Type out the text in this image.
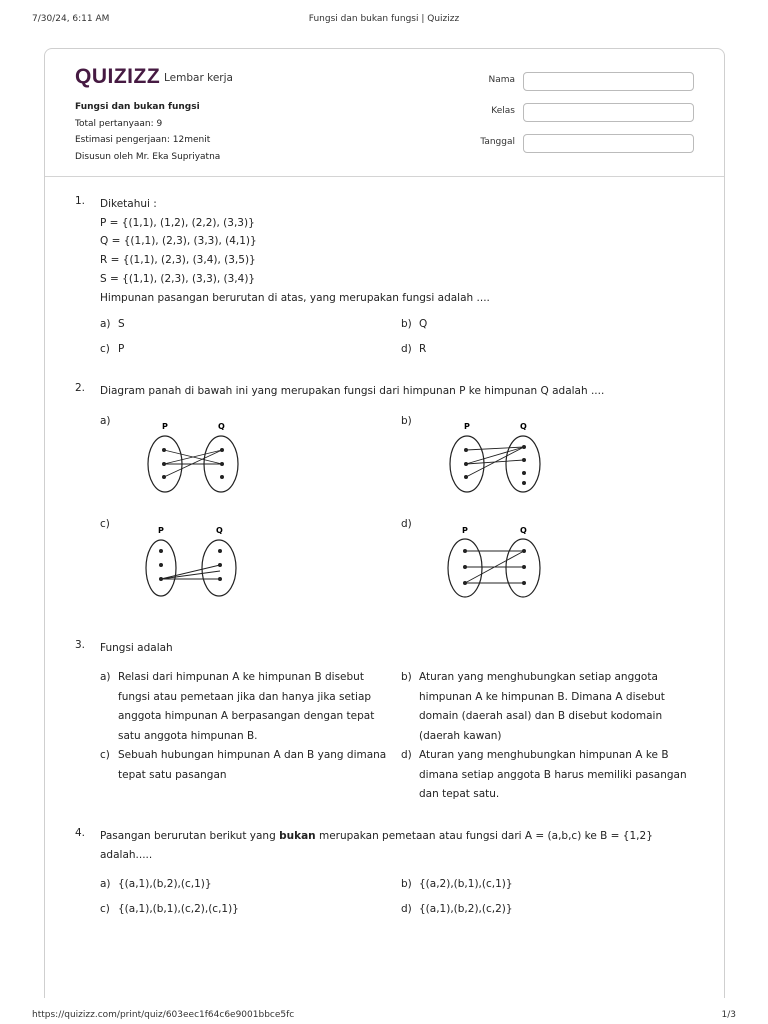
7/30/24, 6:11 AM	Fungsi dan bukan fungsi | Quizizz
QUIZIZZ Lembar kerja
Fungsi dan bukan fungsi
Total pertanyaan: 9
Estimasi pengerjaan: 12menit
Disusun oleh Mr. Eka Supriyatna
Nama
Kelas
Tanggal
1. Diketahui :
P = {(1,1), (1,2), (2,2), (3,3)}
Q = {(1,1), (2,3), (3,3), (4,1)}
R = {(1,1), (2,3), (3,4), (3,5)}
S = {(1,1), (2,3), (3,3), (3,4)}
Himpunan pasangan berurutan di atas, yang merupakan fungsi adalah ....
a) S	b) Q
c) P	d) R
2. Diagram panah di bawah ini yang merupakan fungsi dari himpunan P ke himpunan Q adalah ....
a)	P	Q	b)	P	Q
c)
P	Q
d)
P	Q
3. Fungsi adalah
a) Relasi dari himpunan A ke himpunan B disebut fungsi atau pemetaan jika dan hanya jika setiap anggota himpunan A berpasangan dengan tepat satu anggota himpunan B.
b) Aturan yang menghubungkan setiap anggota himpunan A ke himpunan B. Dimana A disebut domain (daerah asal) dan B disebut kodomain (daerah kawan)
c) Sebuah hubungan himpunan A dan B yang dimana tepat satu pasangan
d) Aturan yang menghubungkan himpunan A ke B dimana setiap anggota B harus memiliki pasangan dan tepat satu.
4. Pasangan berurutan berikut yang bukan merupakan pemetaan atau fungsi dari A = (a,b,c) ke B = {1,2} adalah.....
a) {(a,1),(b,2),(c,1)}	b) {(a,2),(b,1),(c,1)}
c) {(a,1),(b,1),(c,2),(c,1)}	d) {(a,1),(b,2),(c,2)}
https://quizizz.com/print/quiz/603eec1f64c6e9001bbce5fc	1/3
